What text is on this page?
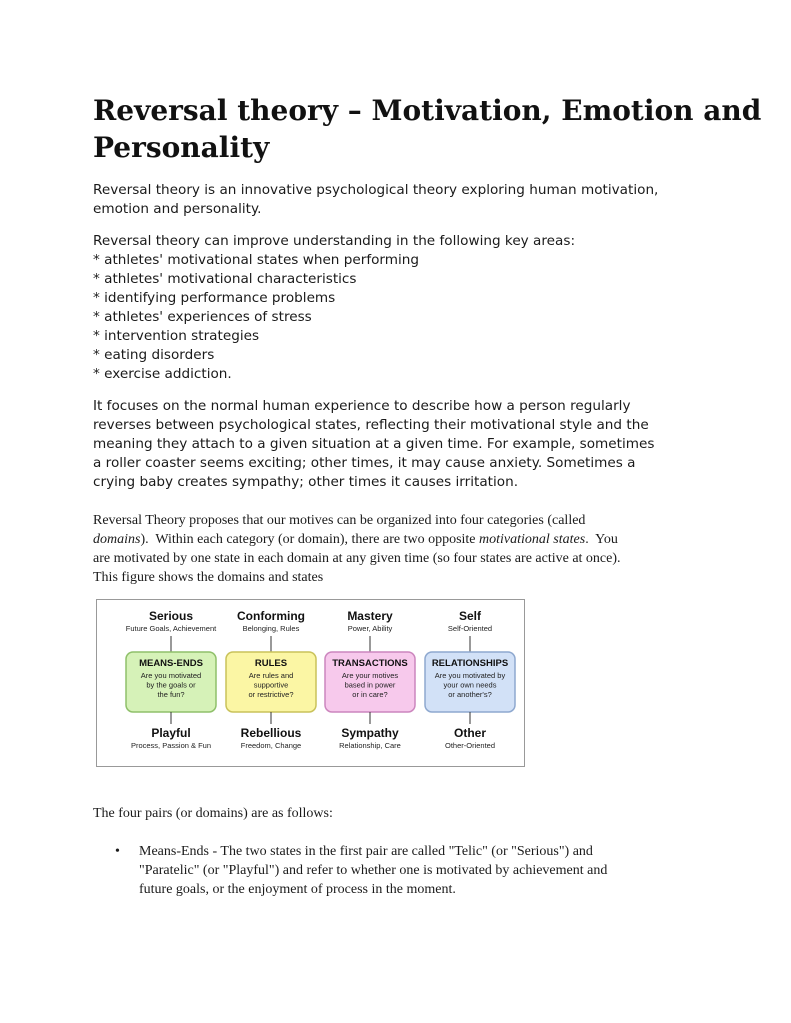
Reversal theory – Motivation, Emotion and
Personality

Reversal theory is an innovative psychological theory exploring human motivation,
emotion and personality.

Reversal theory can improve understanding in the following key areas:
* athletes' motivational states when performing
* athletes' motivational characteristics
* identifying performance problems
* athletes' experiences of stress
* intervention strategies
* eating disorders
* exercise addiction.

It focuses on the normal human experience to describe how a person regularly
reverses between psychological states, reflecting their motivational style and the
meaning they attach to a given situation at a given time. For example, sometimes
a roller coaster seems exciting; other times, it may cause anxiety. Sometimes a
crying baby creates sympathy; other times it causes irritation.

Reversal Theory proposes that our motives can be organized into four categories (called
domains).  Within each category (or domain), there are two opposite motivational states.  You
are motivated by one state in each domain at any given time (so four states are active at once).
This figure shows the domains and states

Serious
Future Goals, Achievement
MEANS-ENDS
Are you motivated
by the goals or
the fun?
Playful
Process, Passion & Fun
Conforming
Belonging, Rules
RULES
Are rules and
supportive
or restrictive?
Rebellious
Freedom, Change
Mastery
Power, Ability
TRANSACTIONS
Are your motives
based in power
or in care?
Sympathy
Relationship, Care
Self
Self-Oriented
RELATIONSHIPS
Are you motivated by
your own needs
or another's?
Other
Other-Oriented

The four pairs (or domains) are as follows:

• Means-Ends - The two states in the first pair are called "Telic" (or "Serious") and
"Paratelic" (or "Playful") and refer to whether one is motivated by achievement and
future goals, or the enjoyment of process in the moment.
